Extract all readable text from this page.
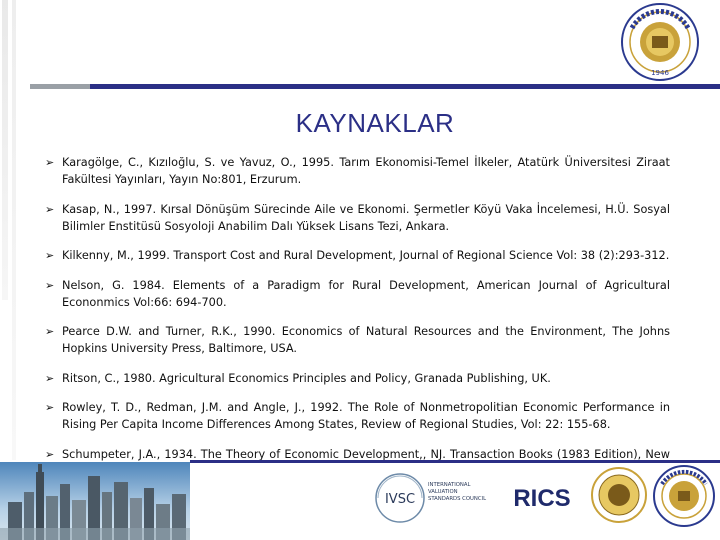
1946
KAYNAKLAR
➢ Karagölge, C., Kızıloğlu, S. ve Yavuz, O., 1995. Tarım Ekonomisi-Temel İlkeler, Atatürk Üniversitesi Ziraat Fakültesi Yayınları, Yayın No:801, Erzurum.
➢ Kasap, N., 1997. Kırsal Dönüşüm Sürecinde Aile ve Ekonomi. Şermetler Köyü Vaka İncelemesi, H.Ü. Sosyal Bilimler Enstitüsü Sosyoloji Anabilim Dalı Yüksek Lisans Tezi, Ankara.
➢ Kilkenny, M., 1999. Transport Cost and Rural Development, Journal of Regional Science Vol: 38 (2):293-312.
➢ Nelson, G. 1984. Elements of a Paradigm for Rural Development, American Journal of Agricultural Econonmics Vol:66: 694-700.
➢ Pearce D.W. and Turner, R.K., 1990. Economics of Natural Resources and the Environment, The Johns Hopkins University Press, Baltimore, USA.
➢ Ritson, C., 1980. Agricultural Economics Principles and Policy, Granada Publishing, UK.
➢ Rowley, T. D., Redman, J.M. and Angle, J., 1992. The Role of Nonmetropolitian Economic Performance in Rising Per Capita Income Differences Among States, Review of Regional Studies, Vol: 22: 155-68.
➢ Schumpeter, J.A., 1934. The Theory of Economic Development,, NJ. Transaction Books (1983 Edition), New
IVSC
INTERNATIONAL VALUATION STANDARDS COUNCIL RICS
